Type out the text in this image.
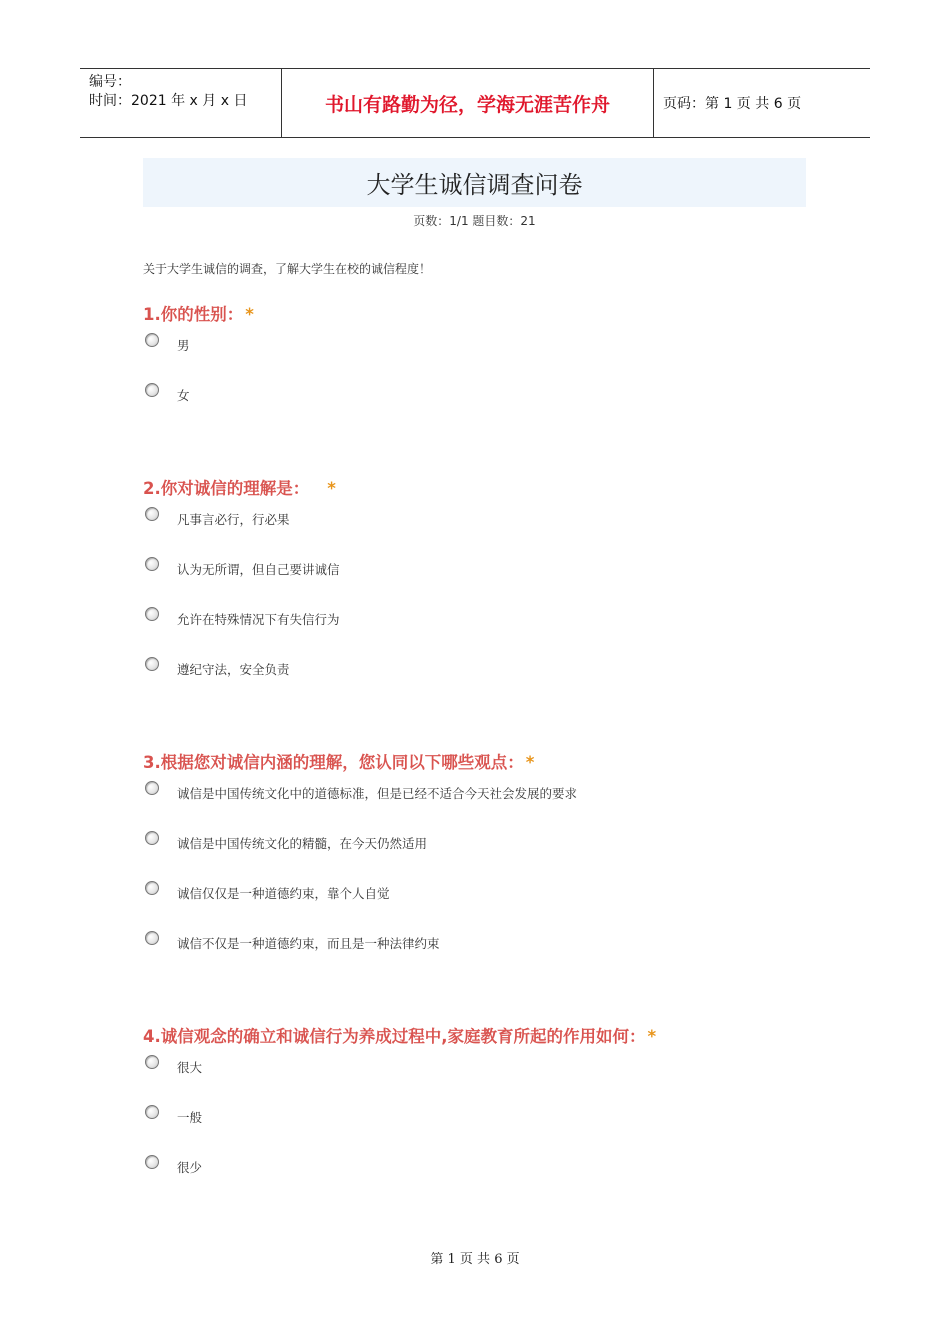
编号：
时间：2021 年 x 月 x 日	书山有路勤为径，学海无涯苦作舟	页码：第 1 页 共 6 页
大学生诚信调查问卷
页数：1/1 题目数：21
关于大学生诚信的调查，了解大学生在校的诚信程度！
1.你的性别： *
男
女
2.你对诚信的理解是： *
凡事言必行，行必果
认为无所谓，但自己要讲诚信
允许在特殊情况下有失信行为
遵纪守法，安全负责
3.根据您对诚信内涵的理解，您认同以下哪些观点： *
诚信是中国传统文化中的道德标准，但是已经不适合今天社会发展的要求
诚信是中国传统文化的精髓，在今天仍然适用
诚信仅仅是一种道德约束，靠个人自觉
诚信不仅是一种道德约束，而且是一种法律约束
4.诚信观念的确立和诚信行为养成过程中,家庭教育所起的作用如何： *
很大
一般
很少
第 1 页 共 6 页
